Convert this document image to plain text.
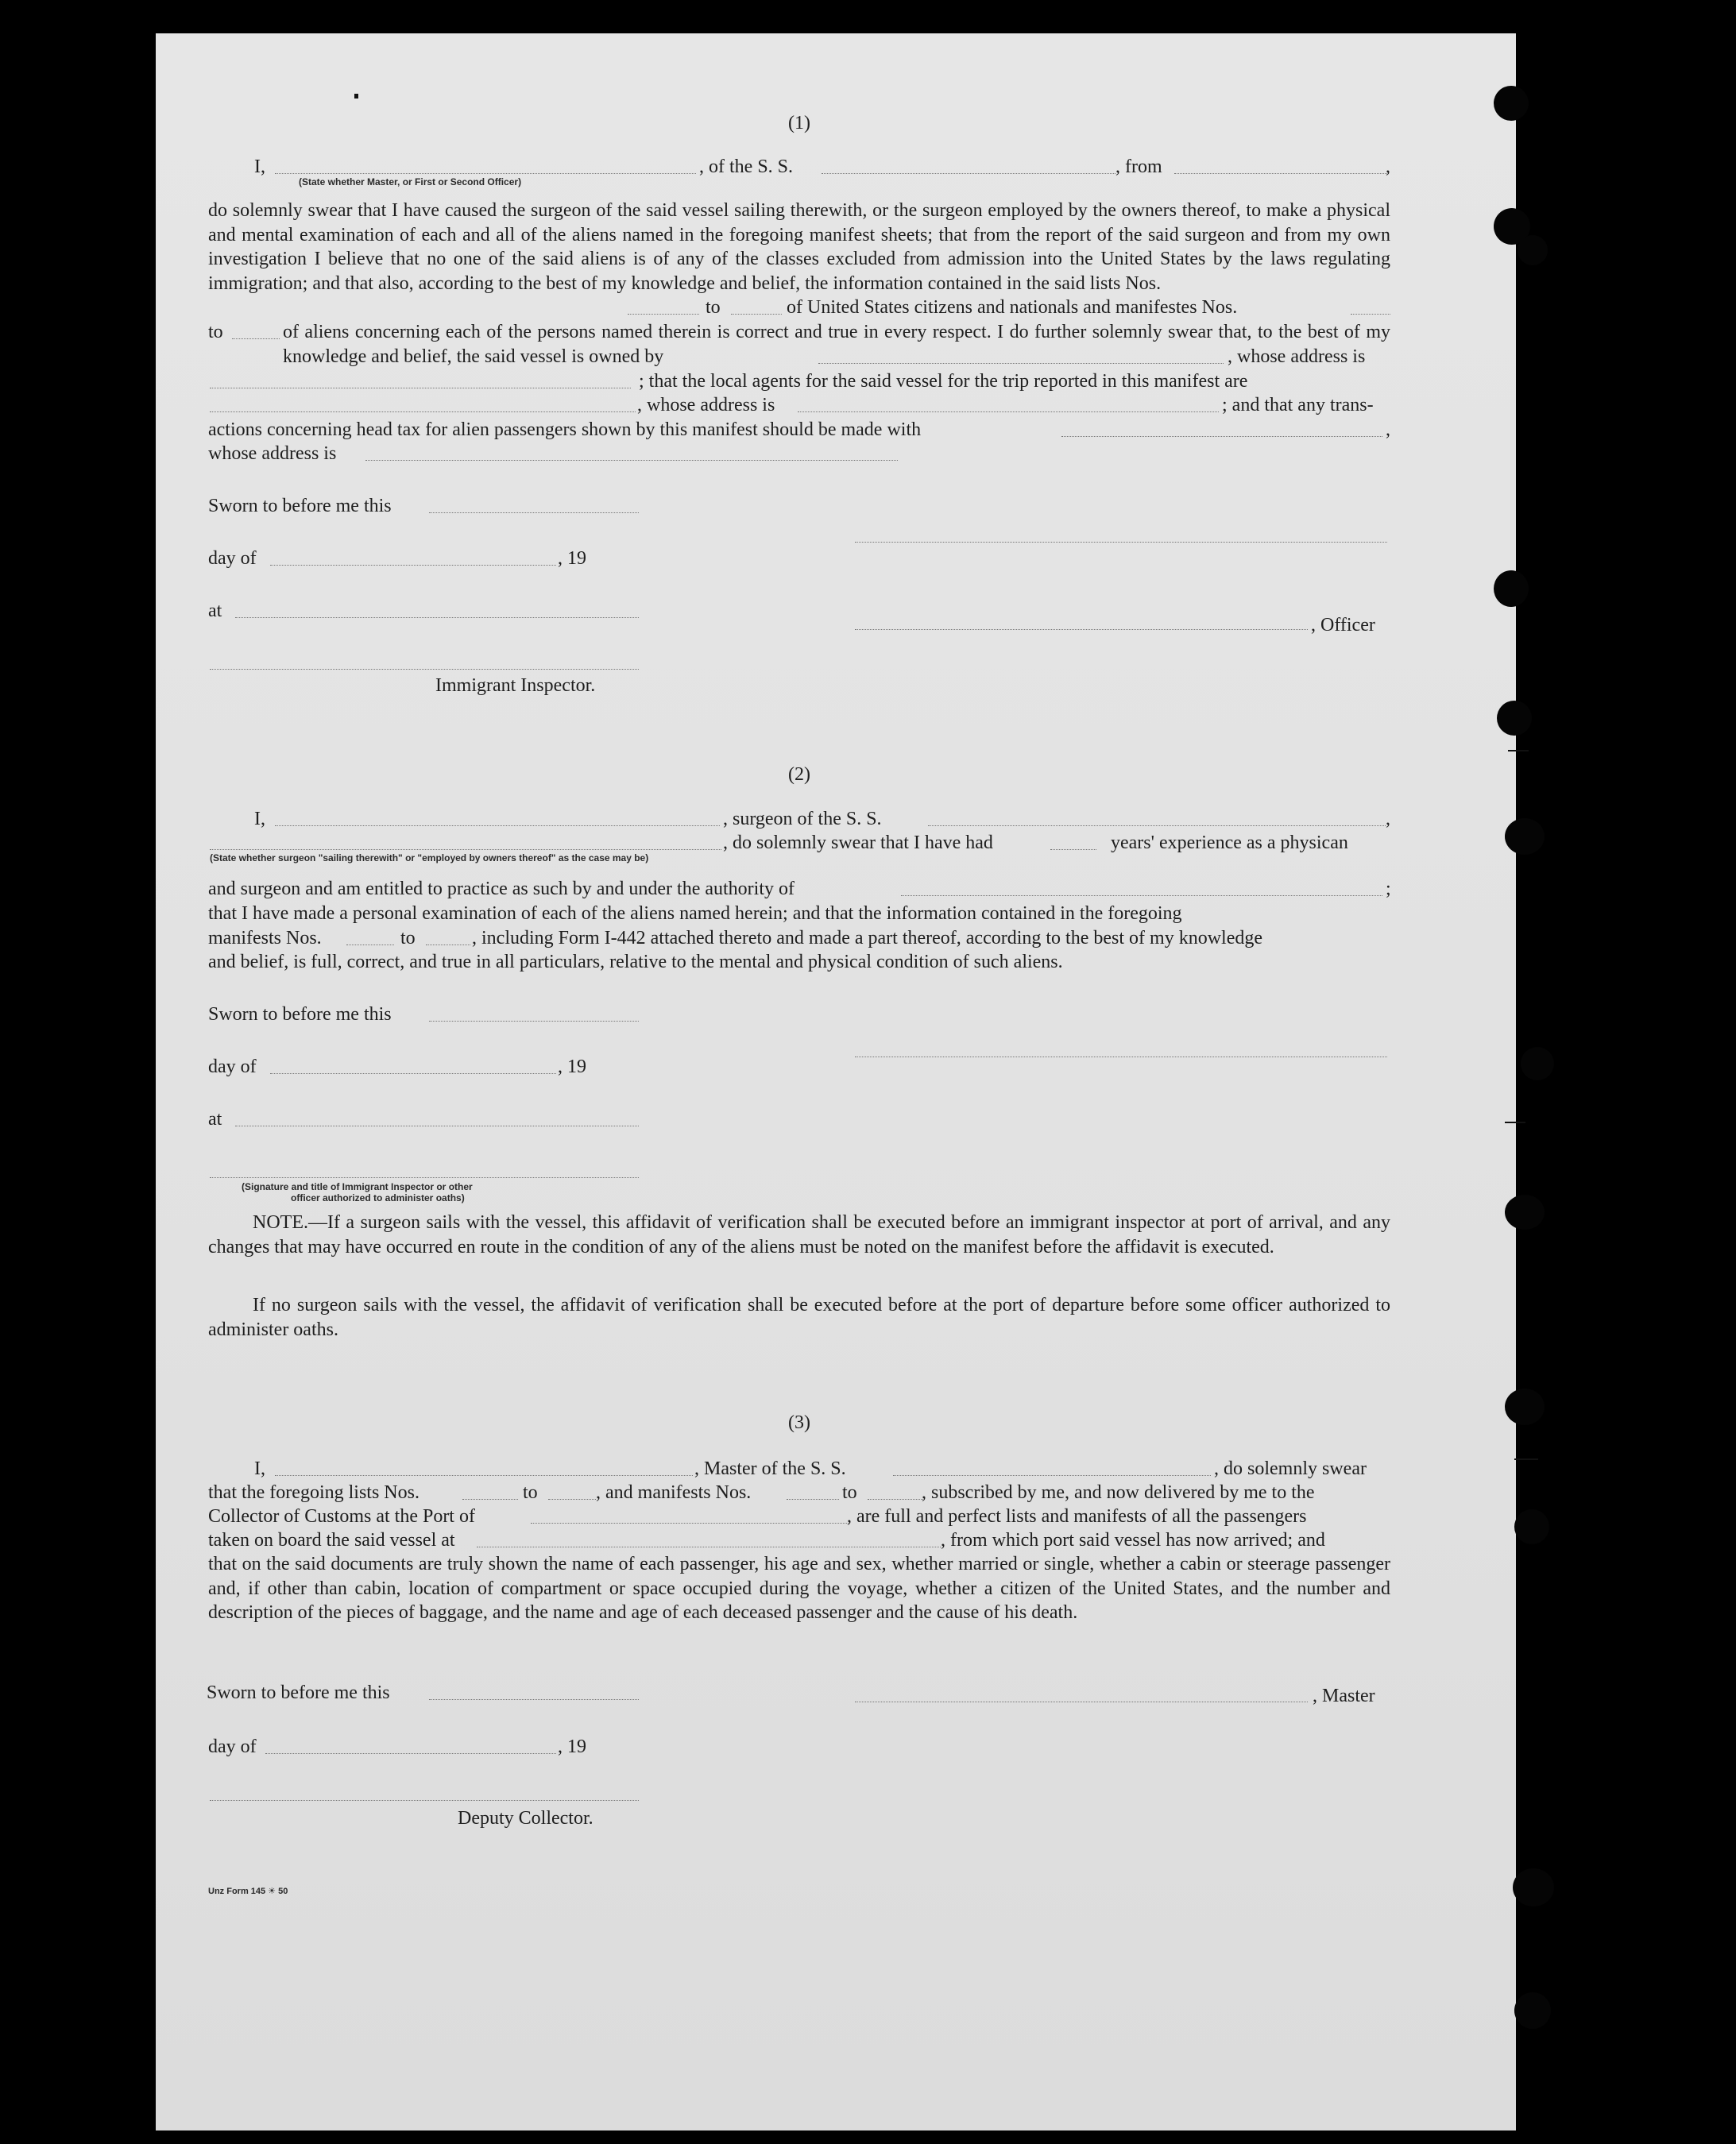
(1)
I,
(State whether Master, or First or Second Officer)
, of the S. S.	, from	,
do solemnly swear that I have caused the surgeon of the said vessel sailing therewith, or the surgeon employed by the owners thereof, to make a physical and mental examination of each and all of the aliens named in the foregoing manifest sheets; that from the report of the said surgeon and from my own investigation I believe that no one of the said aliens is of any of the classes excluded from admission into the United States by the laws regulating immigration; and that also, according to the best of my knowledge and belief, the information contained in the said lists Nos.
to	of United States citizens and nationals and manifestes Nos.
to	of aliens concerning each of the persons named therein is correct and true in every respect. I do further solemnly swear that, to the best of my knowledge and belief, the said vessel is owned by	, whose address is
; that the local agents for the said vessel for the trip reported in this manifest are
, whose address is	; and that any trans-
actions concerning head tax for alien passengers shown by this manifest should be made with	,
whose address is
Sworn to before me this
day of	, 19
at
, Officer
Immigrant Inspector.
(2)
I,	, surgeon of the S. S.	,
, do solemnly swear that I have had	years' experience as a physican
(State whether surgeon "sailing therewith" or "employed by owners thereof" as the case may be)
and surgeon and am entitled to practice as such by and under the authority of	;
that I have made a personal examination of each of the aliens named herein; and that the information contained in the foregoing
manifests Nos.	to	, including Form I-442 attached thereto and made a part thereof, according to the best of my knowledge
and belief, is full, correct, and true in all particulars, relative to the mental and physical condition of such aliens.
Sworn to before me this
day of	, 19
at
(Signature and title of Immigrant Inspector or other
officer authorized to administer oaths)
NOTE.—If a surgeon sails with the vessel, this affidavit of verification shall be executed before an immigrant inspector at port of arrival, and any changes that may have occurred en route in the condition of any of the aliens must be noted on the manifest before the affidavit is executed.
If no surgeon sails with the vessel, the affidavit of verification shall be executed before at the port of departure before some officer authorized to administer oaths.
(3)
I,	, Master of the S. S.	, do solemnly swear
that the foregoing lists Nos.	to	, and manifests Nos.	to	, subscribed by me, and now delivered by me to the
Collector of Customs at the Port of	, are full and perfect lists and manifests of all the passengers
taken on board the said vessel at	, from which port said vessel has now arrived; and
that on the said documents are truly shown the name of each passenger, his age and sex, whether married or single, whether a cabin or steerage passenger and, if other than cabin, location of compartment or space occupied during the voyage, whether a citizen of the United States, and the number and description of the pieces of baggage, and the name and age of each deceased passenger and the cause of his death.
Sworn to before me this	, Master
day of	, 19
Deputy Collector.
Unz Form 145 ☀ 50
